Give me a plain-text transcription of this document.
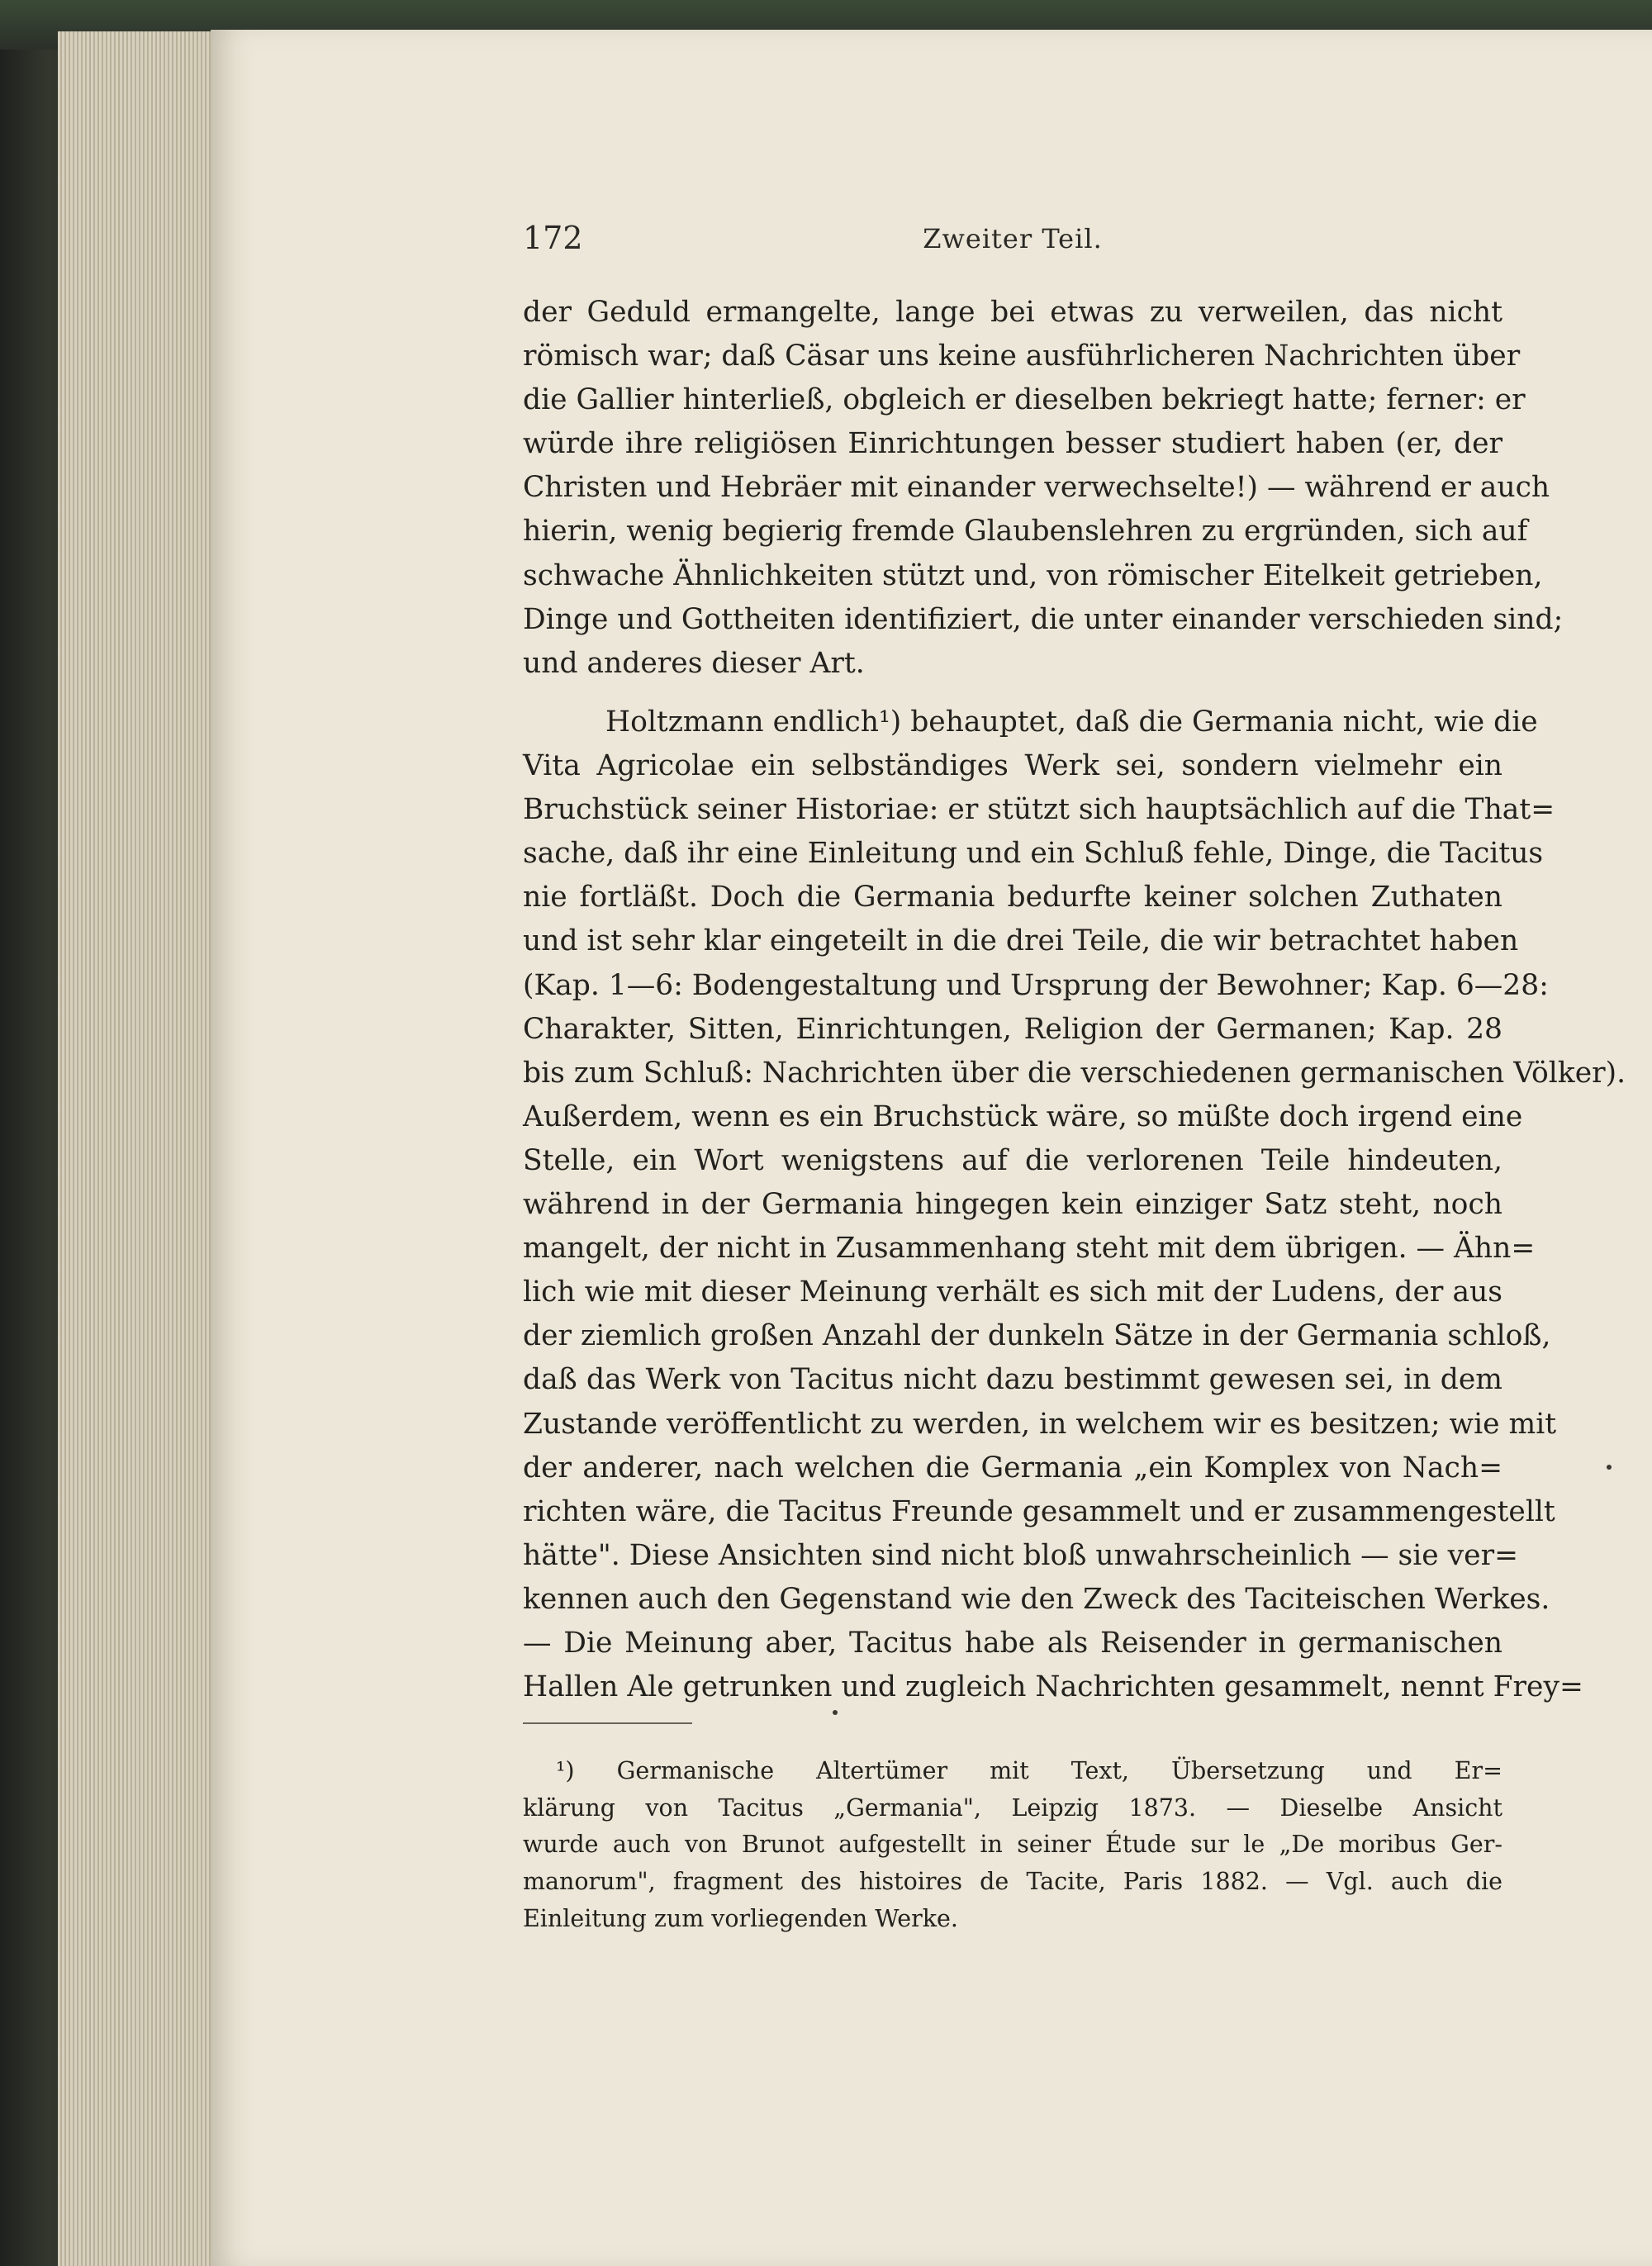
172	Zweiter Teil.
der Geduld ermangelte, lange bei etwas zu verweilen, das nicht
römisch war; daß Cäsar uns keine ausführlicheren Nachrichten über
die Gallier hinterließ, obgleich er dieselben bekriegt hatte; ferner: er
würde ihre religiösen Einrichtungen besser studiert haben (er, der
Christen und Hebräer mit einander verwechselte!) — während er auch
hierin, wenig begierig fremde Glaubenslehren zu ergründen, sich auf
schwache Ähnlichkeiten stützt und, von römischer Eitelkeit getrieben,
Dinge und Gottheiten identifiziert, die unter einander verschieden sind;
und anderes dieser Art.
Holtzmann endlich¹) behauptet, daß die Germania nicht, wie die
Vita Agricolae ein selbständiges Werk sei, sondern vielmehr ein
Bruchstück seiner Historiae: er stützt sich hauptsächlich auf die That=
sache, daß ihr eine Einleitung und ein Schluß fehle, Dinge, die Tacitus
nie fortläßt. Doch die Germania bedurfte keiner solchen Zuthaten
und ist sehr klar eingeteilt in die drei Teile, die wir betrachtet haben
(Kap. 1—6: Bodengestaltung und Ursprung der Bewohner; Kap. 6—28:
Charakter, Sitten, Einrichtungen, Religion der Germanen; Kap. 28
bis zum Schluß: Nachrichten über die verschiedenen germanischen Völker).
Außerdem, wenn es ein Bruchstück wäre, so müßte doch irgend eine
Stelle, ein Wort wenigstens auf die verlorenen Teile hindeuten,
während in der Germania hingegen kein einziger Satz steht, noch
mangelt, der nicht in Zusammenhang steht mit dem übrigen. — Ähn=
lich wie mit dieser Meinung verhält es sich mit der Ludens, der aus
der ziemlich großen Anzahl der dunkeln Sätze in der Germania schloß,
daß das Werk von Tacitus nicht dazu bestimmt gewesen sei, in dem
Zustande veröffentlicht zu werden, in welchem wir es besitzen; wie mit
der anderer, nach welchen die Germania „ein Komplex von Nach=
richten wäre, die Tacitus Freunde gesammelt und er zusammengestellt
hätte". Diese Ansichten sind nicht bloß unwahrscheinlich — sie ver=
kennen auch den Gegenstand wie den Zweck des Taciteischen Werkes.
— Die Meinung aber, Tacitus habe als Reisender in germanischen
Hallen Ale getrunken und zugleich Nachrichten gesammelt, nennt Frey=
¹) Germanische Altertümer mit Text, Übersetzung und Er=
klärung von Tacitus „Germania", Leipzig 1873. — Dieselbe Ansicht
wurde auch von Brunot aufgestellt in seiner Étude sur le „De moribus Ger-
manorum", fragment des histoires de Tacite, Paris 1882. — Vgl. auch die
Einleitung zum vorliegenden Werke.
